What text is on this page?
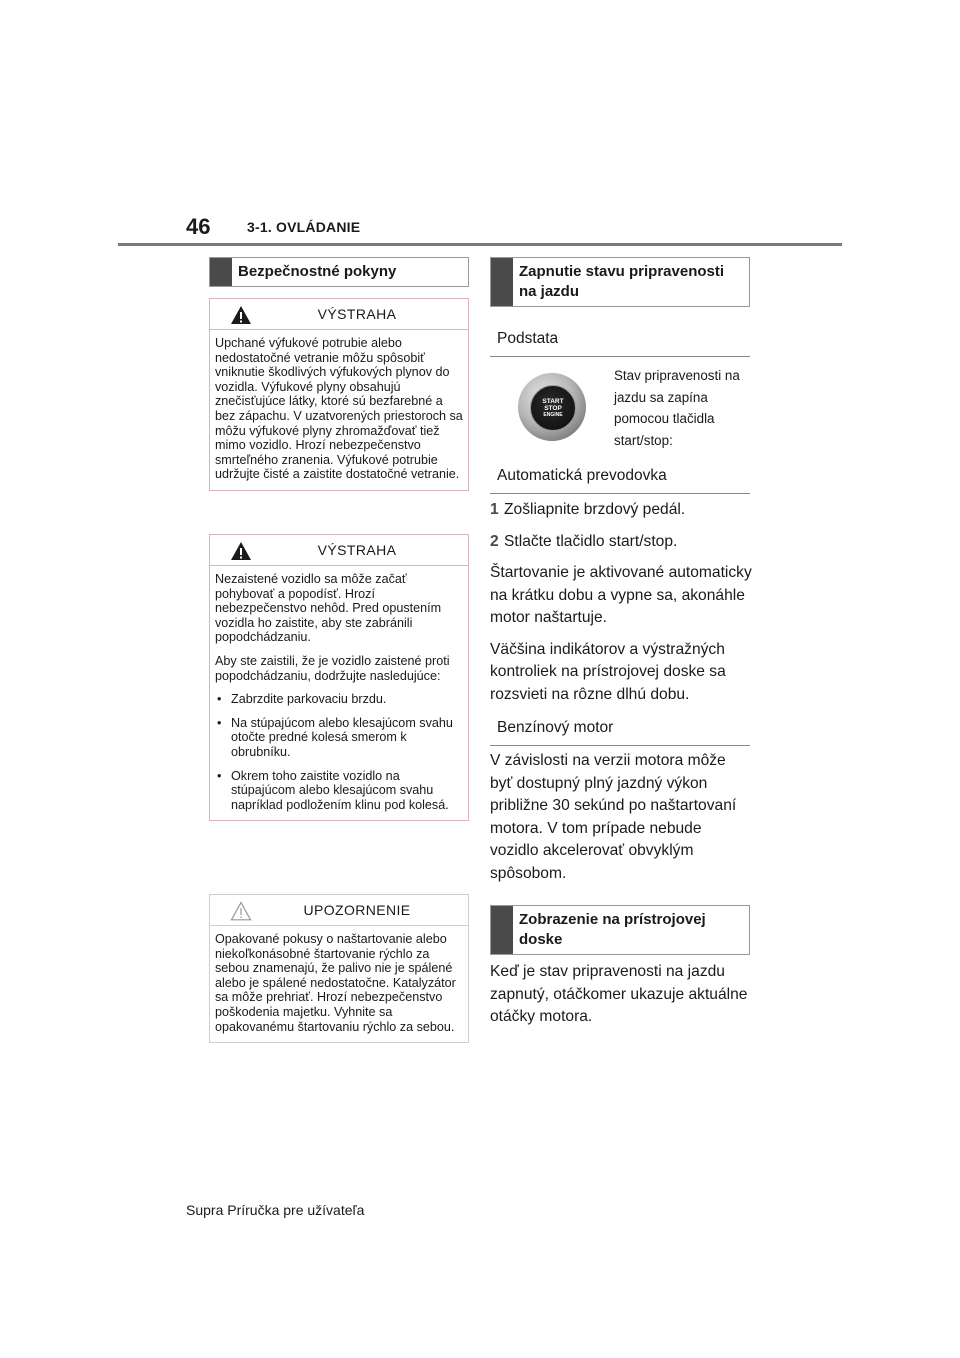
46	3-1. OVLÁDANIE
Bezpečnostné pokyny
VÝSTRAHA

Upchané výfukové potrubie alebo nedostatočné vetranie môžu spôsobiť vniknutie škodlivých výfukových plynov do vozidla. Výfukové plyny obsahujú znečisťujúce látky, ktoré sú bezfarebné a bez zápachu. V uzatvorených priestoroch sa môžu výfukové plyny zhromažďovať tiež mimo vozidlo. Hrozí nebezpečenstvo smrteľného zranenia. Výfukové potrubie udržujte čisté a zaistite dostatočné vetranie.

VÝSTRAHA

Nezaistené vozidlo sa môže začať pohybovať a popodísť. Hrozí nebezpečenstvo nehôd. Pred opustením vozidla ho zaistite, aby ste zabránili popodchádzaniu.

Aby ste zaistili, že je vozidlo zaistené proti popodchádzaniu, dodržujte nasledujúce:

• Zabrzdite parkovaciu brzdu.
• Na stúpajúcom alebo klesajúcom svahu otočte predné kolesá smerom k obrubníku.
• Okrem toho zaistite vozidlo na stúpajúcom alebo klesajúcom svahu napríklad podložením klinu pod kolesá.
UPOZORNENIE

Opakované pokusy o naštartovanie alebo niekoľkonásobné štartovanie rýchlo za sebou znamenajú, že palivo nie je spálené alebo je spálené nedostatočne. Katalyzátor sa môže prehriať. Hrozí nebezpečenstvo poškodenia majetku. Vyhnite sa opakovanému štartovaniu rýchlo za sebou.

Zapnutie stavu pripravenosti na jazdu
Podstata
START
STOP
ENGINE
Stav pripravenosti na jazdu sa zapína pomocou tlačidla start/stop:
Automatická prevodovka
1 Zošliapnite brzdový pedál.
2 Stlačte tlačidlo start/stop.

Štartovanie je aktivované automaticky na krátku dobu a vypne sa, akonáhle motor naštartuje.

Väčšina indikátorov a výstražných kontroliek na prístrojovej doske sa rozsvieti na rôzne dlhú dobu.

Benzínový motor

V závislosti na verzii motora môže byť dostupný plný jazdný výkon približne 30 sekúnd po naštartovaní motora. V tom prípade nebude vozidlo akcelerovať obvyklým spôsobom.

Zobrazenie na prístrojovej doske

Keď je stav pripravenosti na jazdu zapnutý, otáčkomer ukazuje aktuálne otáčky motora.

Supra Príručka pre užívateľa
